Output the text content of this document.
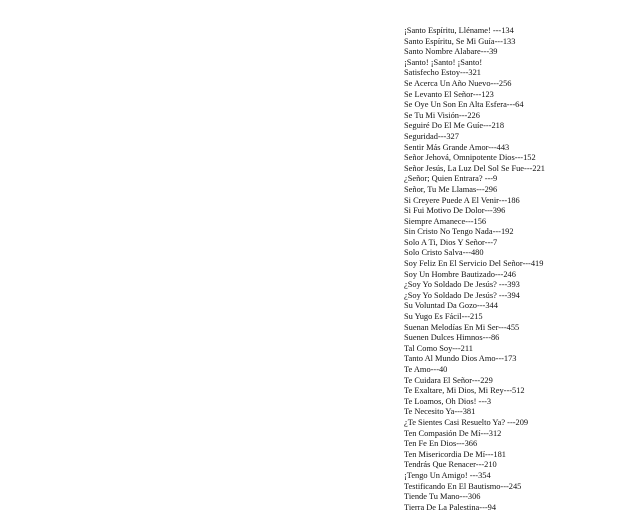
¡Santo Espíritu, Lléname! ---134
Santo Espíritu, Se Mi Guía---133
Santo Nombre Alabare---39
¡Santo! ¡Santo! ¡Santo!
Satisfecho Estoy---321
Se Acerca Un Año Nuevo---256
Se Levanto El Señor---123
Se Oye Un Son En Alta Esfera---64
Se Tu Mi Visión---226
Seguiré Do El Me Guíe---218
Seguridad---327
Sentir Más Grande Amor---443
Señor Jehová, Omnipotente Dios---152
Señor Jesús, La Luz Del Sol Se Fue---221
¿Señor; Quien Entrara? ---9
Señor, Tu Me Llamas---296
Si Creyere Puede A El Venir---186
Si Fui Motivo De Dolor---396
Siempre Amanece---156
Sin Cristo No Tengo Nada---192
Solo A Ti, Dios Y Señor---7
Solo Cristo Salva---480
Soy Feliz En El Servicio Del Señor---419
Soy Un Hombre Bautizado---246
¿Soy Yo Soldado De Jesús? ---393
¿Soy Yo Soldado De Jesús? ---394
Su Voluntad Da Gozo---344
Su Yugo Es Fácil---215
Suenan Melodías En Mi Ser---455
Suenen Dulces Himnos---86
Tal Como Soy---211
Tanto Al Mundo Dios Amo---173
Te Amo---40
Te Cuidara El Señor---229
Te Exaltare, Mi Dios, Mi Rey---512
Te Loamos, Oh Dios! ---3
Te Necesito Ya---381
¿Te Sientes Casi Resuelto Ya? ---209
Ten Compasión De Mí---312
Ten Fe En Dios---366
Ten Misericordia De Mí---181
Tendrás Que Renacer---210
¡Tengo Un Amigo! ---354
Testificando En El Bautismo---245
Tiende Tu Mano---306
Tierra De La Palestina---94
